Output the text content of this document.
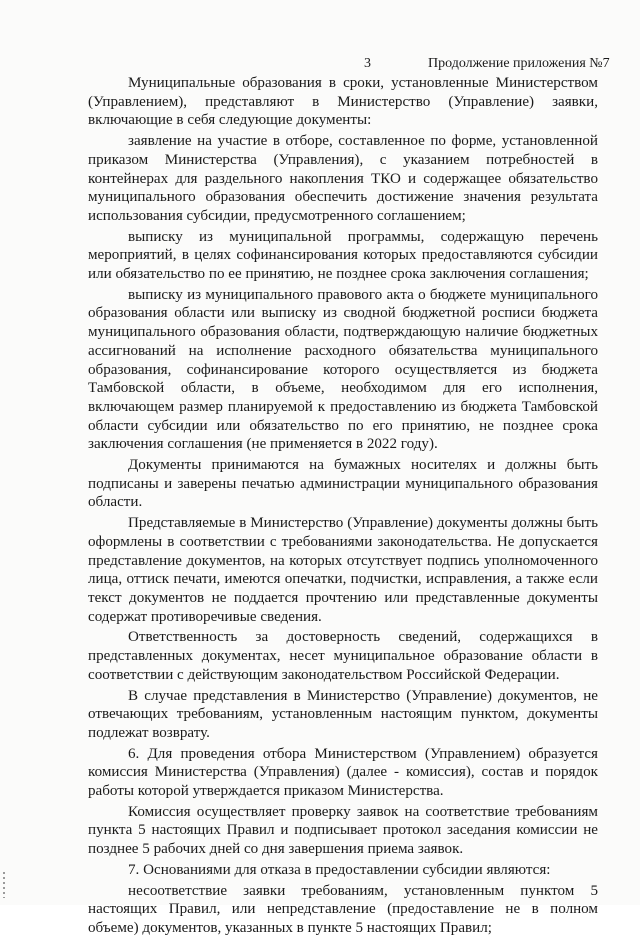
3	Продолжение приложения №7

Муниципальные образования в сроки, установленные Министерством (Управлением), представляют в Министерство (Управление) заявки, включающие в себя следующие документы:

заявление на участие в отборе, составленное по форме, установленной приказом Министерства (Управления), с указанием потребностей в контейнерах для раздельного накопления ТКО и содержащее обязательство муниципального образования обеспечить достижение значения результата использования субсидии, предусмотренного соглашением;

выписку из муниципальной программы, содержащую перечень мероприятий, в целях софинансирования которых предоставляются субсидии или обязательство по ее принятию, не позднее срока заключения соглашения;

выписку из муниципального правового акта о бюджете муниципального образования области или выписку из сводной бюджетной росписи бюджета муниципального образования области, подтверждающую наличие бюджетных ассигнований на исполнение расходного обязательства муниципального образования, софинансирование которого осуществляется из бюджета Тамбовской области, в объеме, необходимом для его исполнения, включающем размер планируемой к предоставлению из бюджета Тамбовской области субсидии или обязательство по его принятию, не позднее срока заключения соглашения (не применяется в 2022 году).

Документы принимаются на бумажных носителях и должны быть подписаны и заверены печатью администрации муниципального образования области.

Представляемые в Министерство (Управление) документы должны быть оформлены в соответствии с требованиями законодательства. Не допускается представление документов, на которых отсутствует подпись уполномоченного лица, оттиск печати, имеются опечатки, подчистки, исправления, а также если текст документов не поддается прочтению или представленные документы содержат противоречивые сведения.

Ответственность за достоверность сведений, содержащихся в представленных документах, несет муниципальное образование области в соответствии с действующим законодательством Российской Федерации.

В случае представления в Министерство (Управление) документов, не отвечающих требованиям, установленным настоящим пунктом, документы подлежат возврату.

6. Для проведения отбора Министерством (Управлением) образуется комиссия Министерства (Управления) (далее - комиссия), состав и порядок работы которой утверждается приказом Министерства.

Комиссия осуществляет проверку заявок на соответствие требованиям пункта 5 настоящих Правил и подписывает протокол заседания комиссии не позднее 5 рабочих дней со дня завершения приема заявок.

7. Основаниями для отказа в предоставлении субсидии являются:

несоответствие заявки требованиям, установленным пунктом 5 настоящих Правил, или непредставление (предоставление не в полном объеме) документов, указанных в пункте 5 настоящих Правил;
